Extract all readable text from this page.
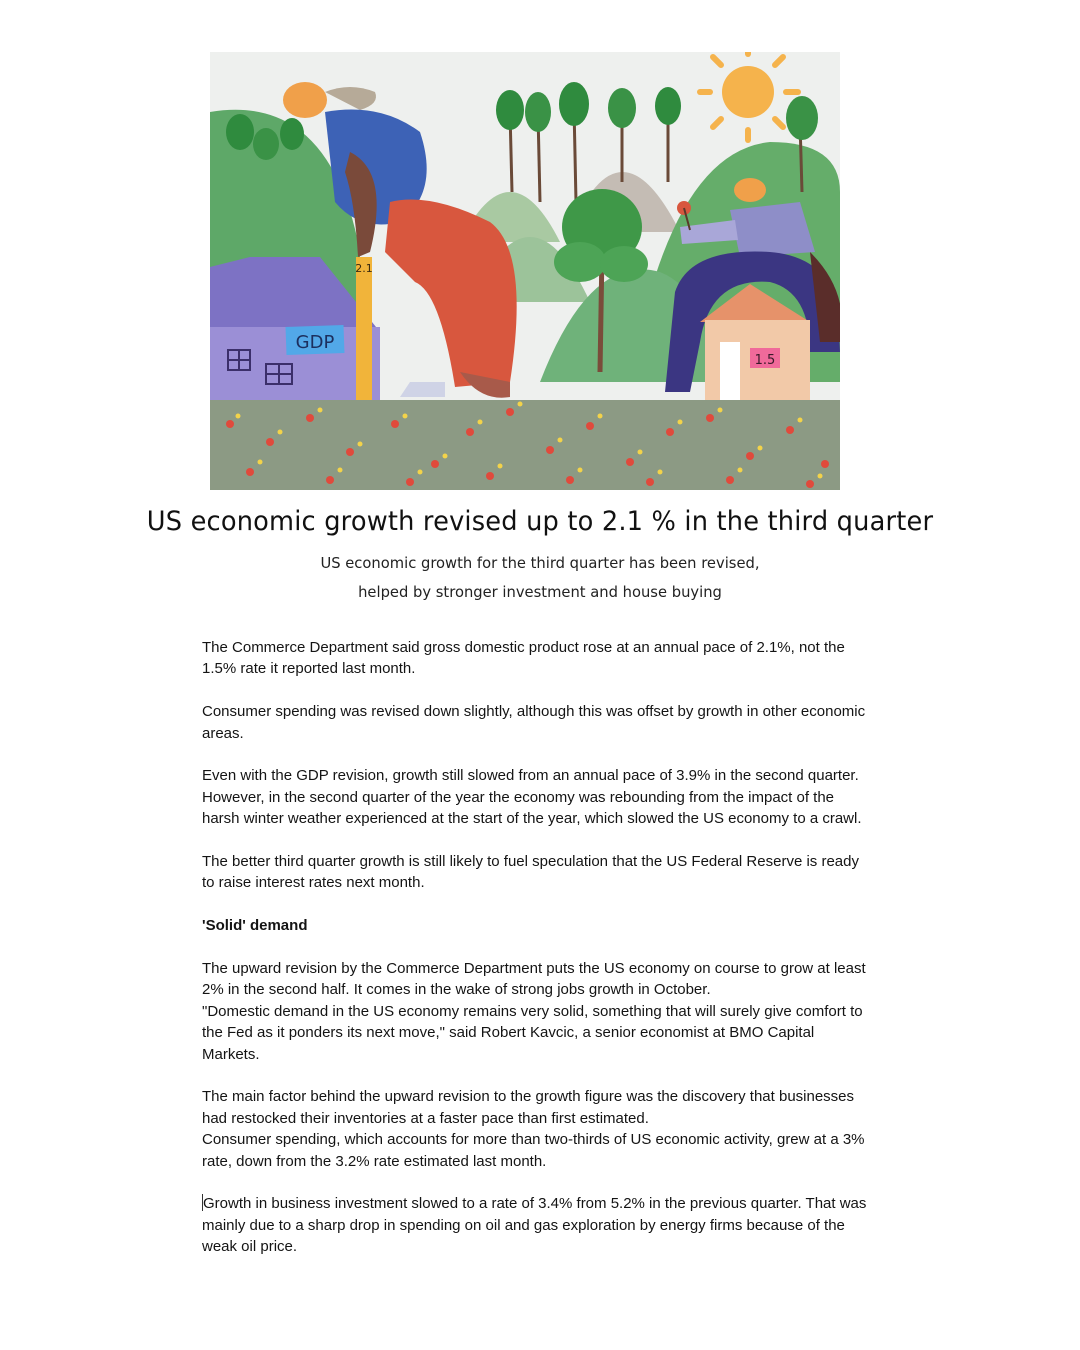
GDP
2.1
1.5
US economic growth revised up to 2.1 % in the third quarter
US economic growth for the third quarter has been revised,
helped by stronger investment and house buying

The Commerce Department said gross domestic product rose at an annual pace of 2.1%, not the 1.5% rate it reported last month.

Consumer spending was revised down slightly, although this was offset by growth in other economic areas.

Even with the GDP revision, growth still slowed from an annual pace of 3.9% in the second quarter.
However, in the second quarter of the year the economy was rebounding from the impact of the harsh winter weather experienced at the start of the year, which slowed the US economy to a crawl.

The better third quarter growth is still likely to fuel speculation that the US Federal Reserve is ready to raise interest rates next month.

'Solid' demand

The upward revision by the Commerce Department puts the US economy on course to grow at least 2% in the second half. It comes in the wake of strong jobs growth in October.
"Domestic demand in the US economy remains very solid, something that will surely give comfort to the Fed as it ponders its next move," said Robert Kavcic, a senior economist at BMO Capital Markets.

The main factor behind the upward revision to the growth figure was the discovery that businesses had restocked their inventories at a faster pace than first estimated.
Consumer spending, which accounts for more than two-thirds of US economic activity, grew at a 3% rate, down from the 3.2% rate estimated last month.

Growth in business investment slowed to a rate of 3.4% from 5.2% in the previous quarter. That was mainly due to a sharp drop in spending on oil and gas exploration by energy firms because of the weak oil price.
